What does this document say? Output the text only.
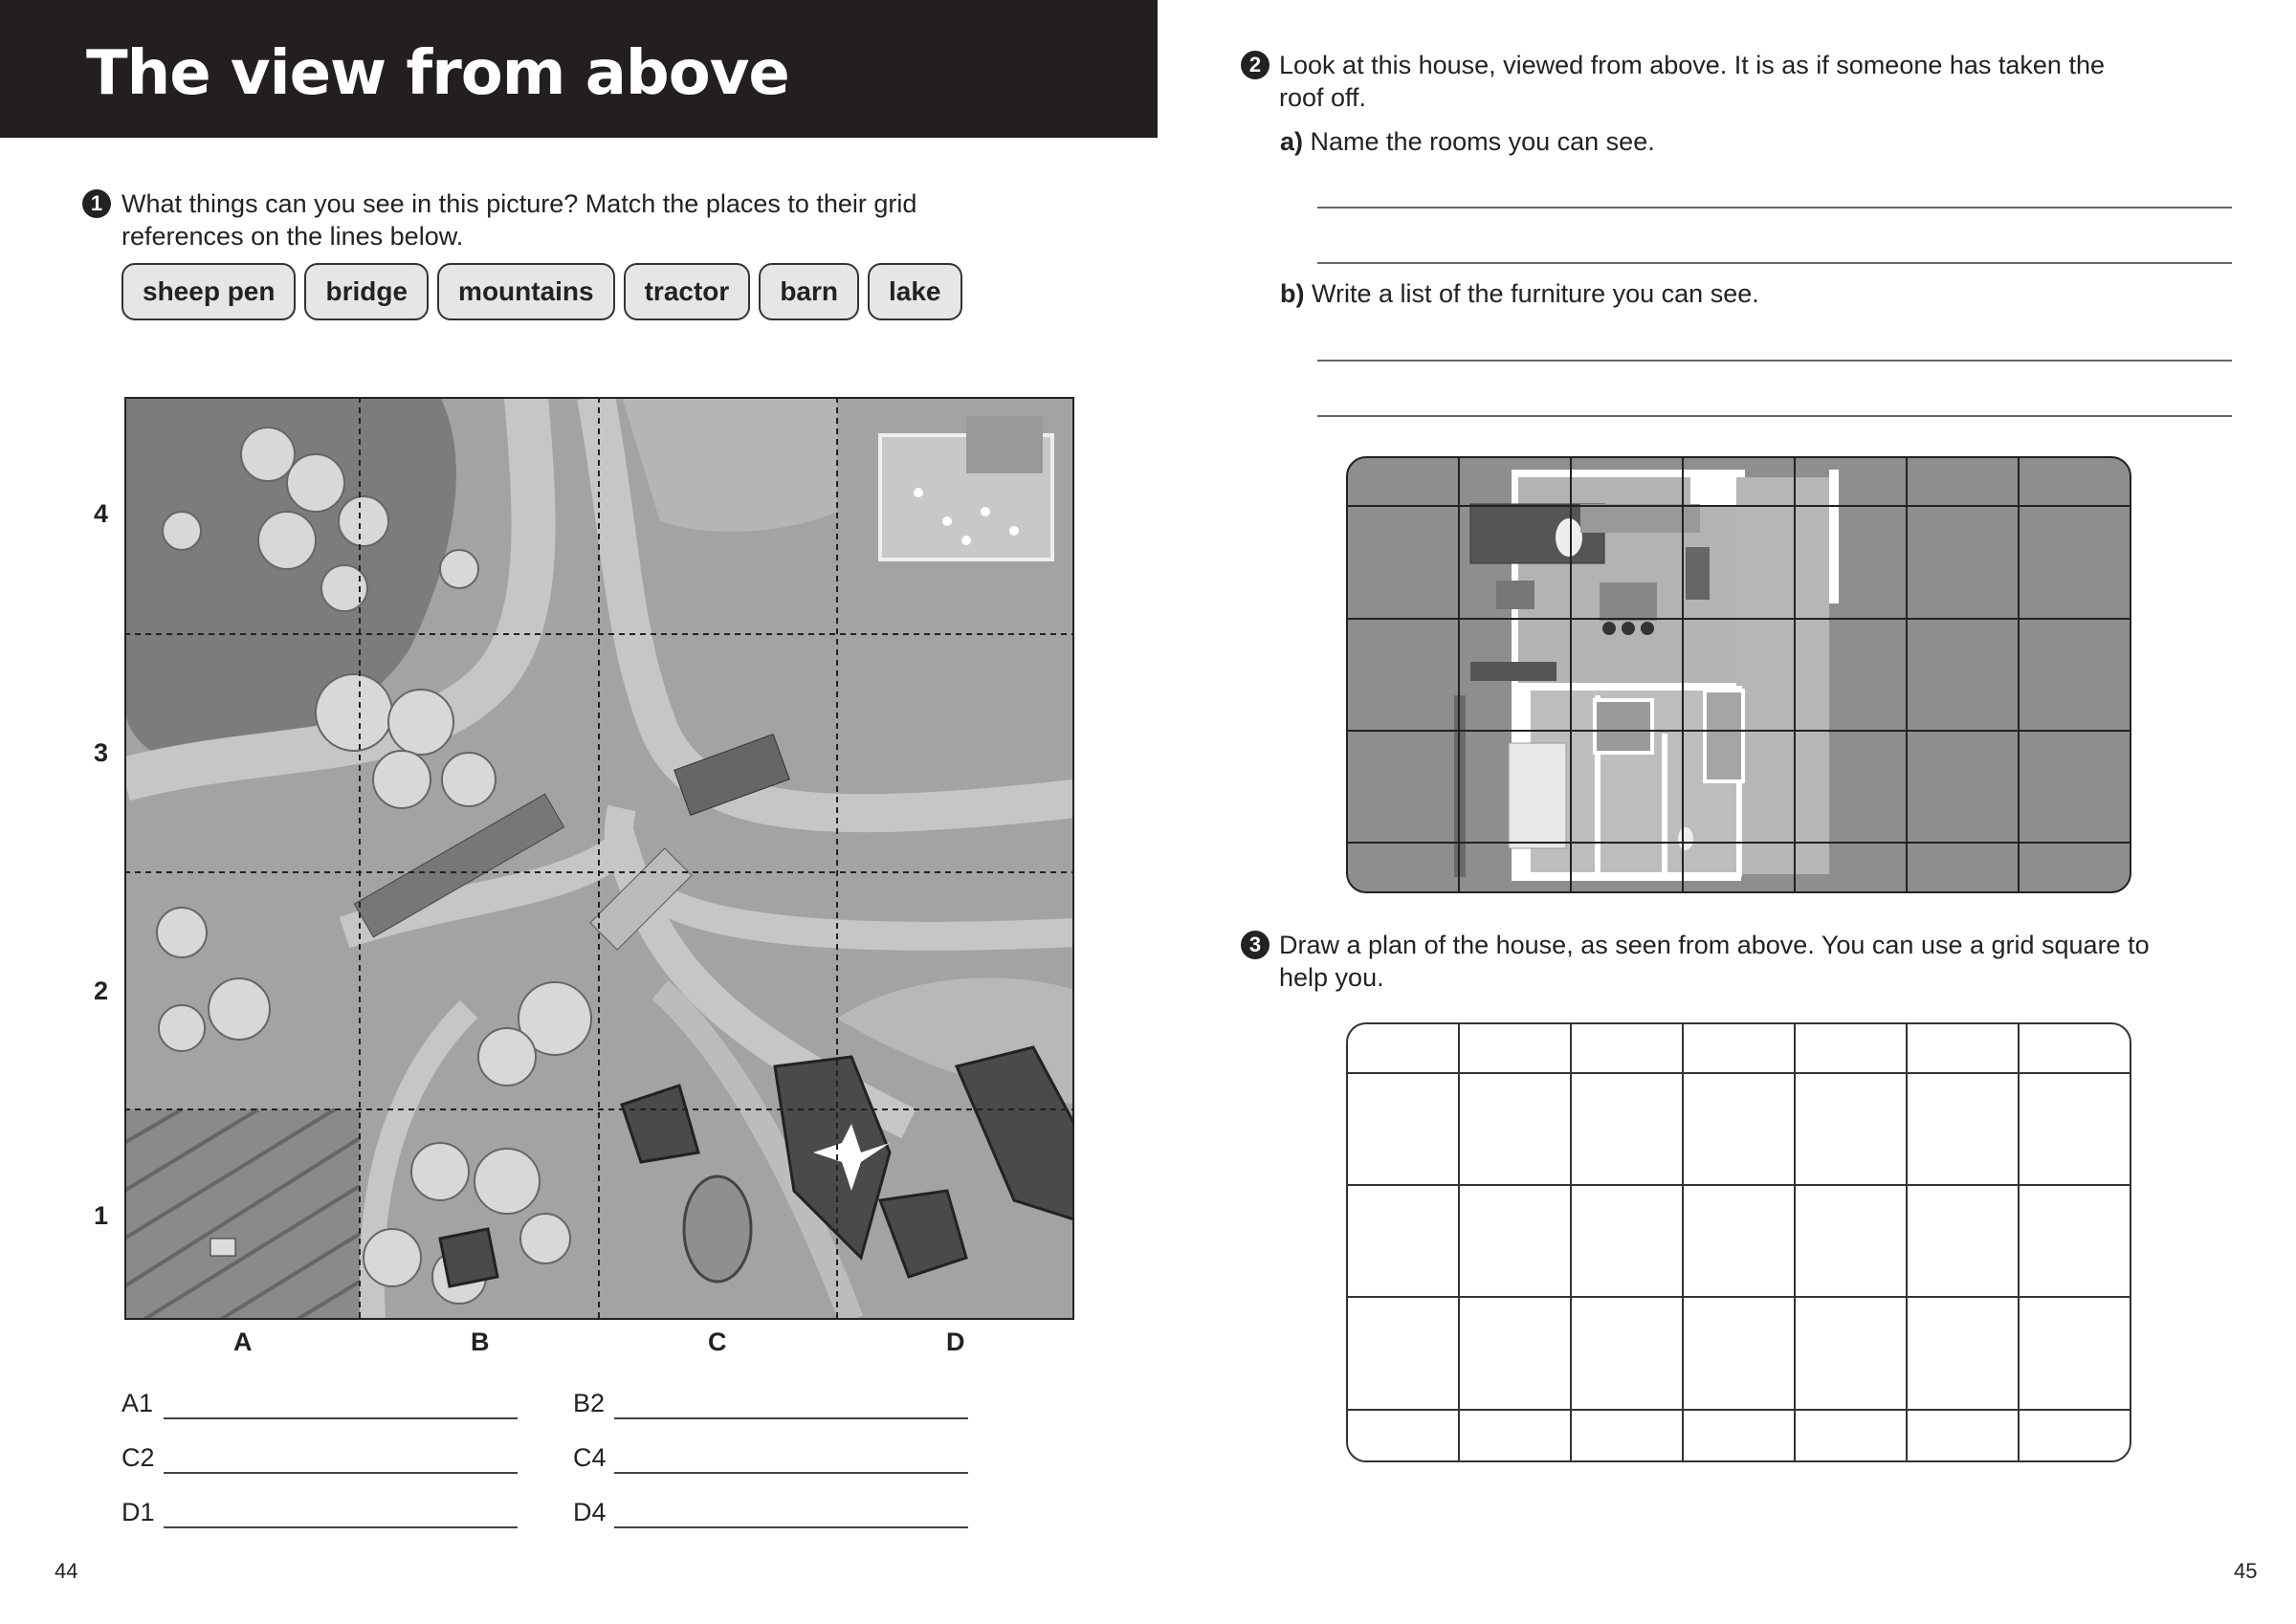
The view from above
1 What things can you see in this picture? Match the places to their grid
references on the lines below.
sheep pen	bridge	mountains	tractor	barn	lake
4
3
2
1
A	B	C	D
A1	B2
C2	C4
D1	D4
44
2 Look at this house, viewed from above. It is as if someone has taken the
roof off.
a) Name the rooms you can see.
b) Write a list of the furniture you can see.
3 Draw a plan of the house, as seen from above. You can use a grid square to
help you.
45
